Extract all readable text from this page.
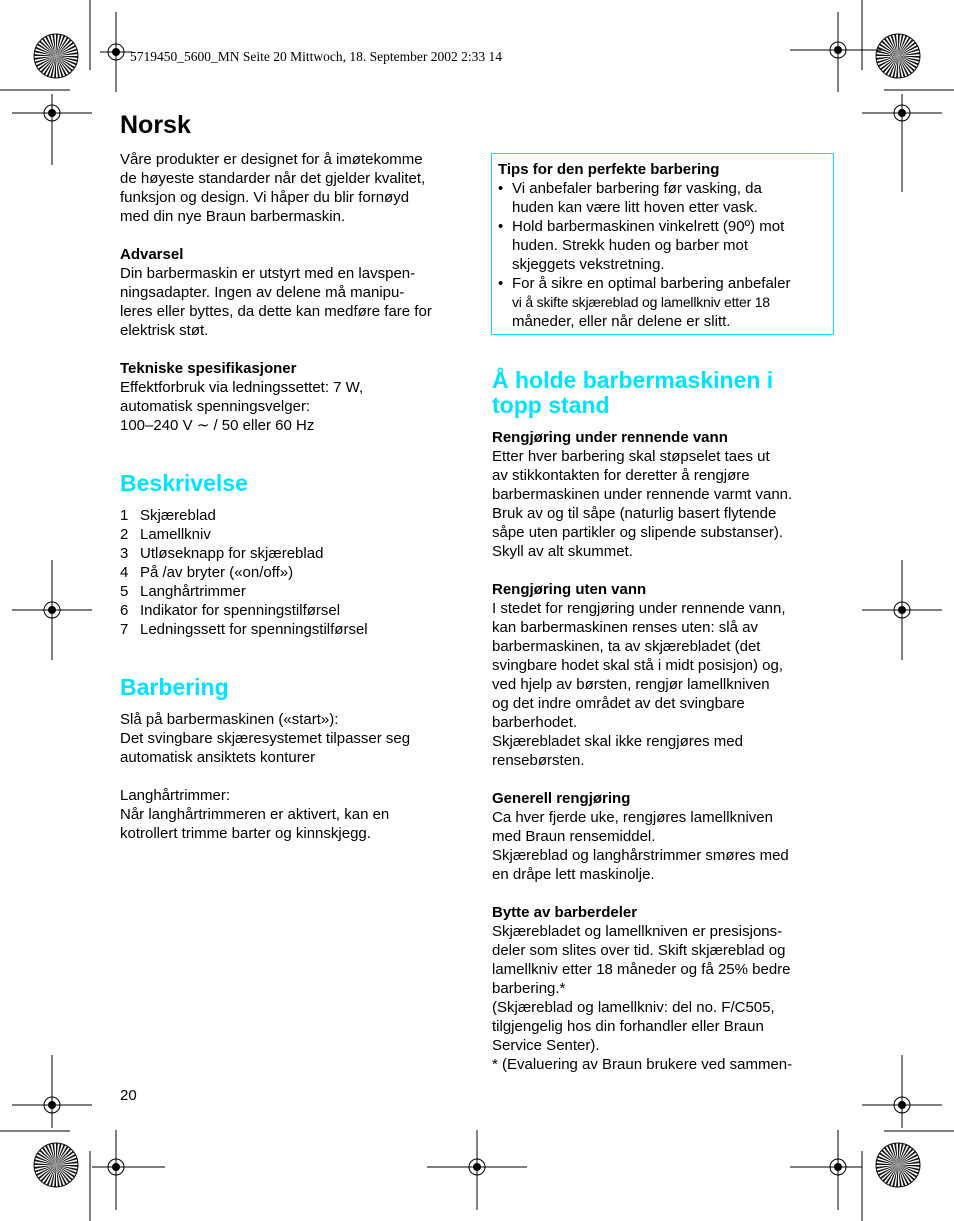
5719450_5600_MN Seite 20 Mittwoch, 18. September 2002 2:33 14
Norsk

Våre produkter er designet for å imøtekomme

de høyeste standarder når det gjelder kvalitet,

funksjon og design. Vi håper du blir fornøyd

med din nye Braun barbermaskin.

Advarsel

Din barbermaskin er utstyrt med en lavspen-

ningsadapter. Ingen av delene må manipu-

leres eller byttes, da dette kan medføre fare for

elektrisk støt.

Tekniske spesifikasjoner

Effektforbruk via ledningssettet: 7 W,

automatisk spenningsvelger:

100–240 V ∼ / 50 eller 60 Hz

Beskrivelse
1 Skjæreblad
2 Lamellkniv
3 Utløseknapp for skjæreblad
4 På /av bryter («on/off»)
5 Langhårtrimmer
6 Indikator for spenningstilførsel
7 Ledningssett for spenningstilførsel
Barbering

Slå på barbermaskinen («start»):

Det svingbare skjæresystemet tilpasser seg

automatisk ansiktets konturer

Langhårtrimmer:

Når langhårtrimmeren er aktivert, kan en

kotrollert trimme barter og kinnskjegg.

Tips for den perfekte barbering

• Vi anbefaler barbering før vasking, da
huden kan være litt hoven etter vask.
• Hold barbermaskinen vinkelrett (90º) mot
huden. Strekk huden og barber mot
skjeggets vekstretning.
• For å sikre en optimal barbering anbefaler
vi å skifte skjæreblad og lamellkniv etter 18
måneder, eller når delene er slitt.
Å holde barbermaskinen i
topp stand

Rengjøring under rennende vann

Etter hver barbering skal støpselet taes ut

av stikkontakten for deretter å rengjøre

barbermaskinen under rennende varmt vann.

Bruk av og til såpe (naturlig basert flytende

såpe uten partikler og slipende substanser).

Skyll av alt skummet.

Rengjøring uten vann

I stedet for rengjøring under rennende vann,

kan barbermaskinen renses uten: slå av

barbermaskinen, ta av skjærebladet (det

svingbare hodet skal stå i midt posisjon) og,

ved hjelp av børsten, rengjør lamellkniven

og det indre området av det svingbare

barberhodet.

Skjærebladet skal ikke rengjøres med

rensebørsten.

Generell rengjøring

Ca hver fjerde uke, rengjøres lamellkniven

med Braun rensemiddel.

Skjæreblad og langhårstrimmer smøres med

en dråpe lett maskinolje.

Bytte av barberdeler

Skjærebladet og lamellkniven er presisjons-

deler som slites over tid. Skift skjæreblad og

lamellkniv etter 18 måneder og få 25% bedre

barbering.*

(Skjæreblad og lamellkniv: del no. F/C505,

tilgjengelig hos din forhandler eller Braun

Service Senter).

* (Evaluering av Braun brukere ved sammen-

20
